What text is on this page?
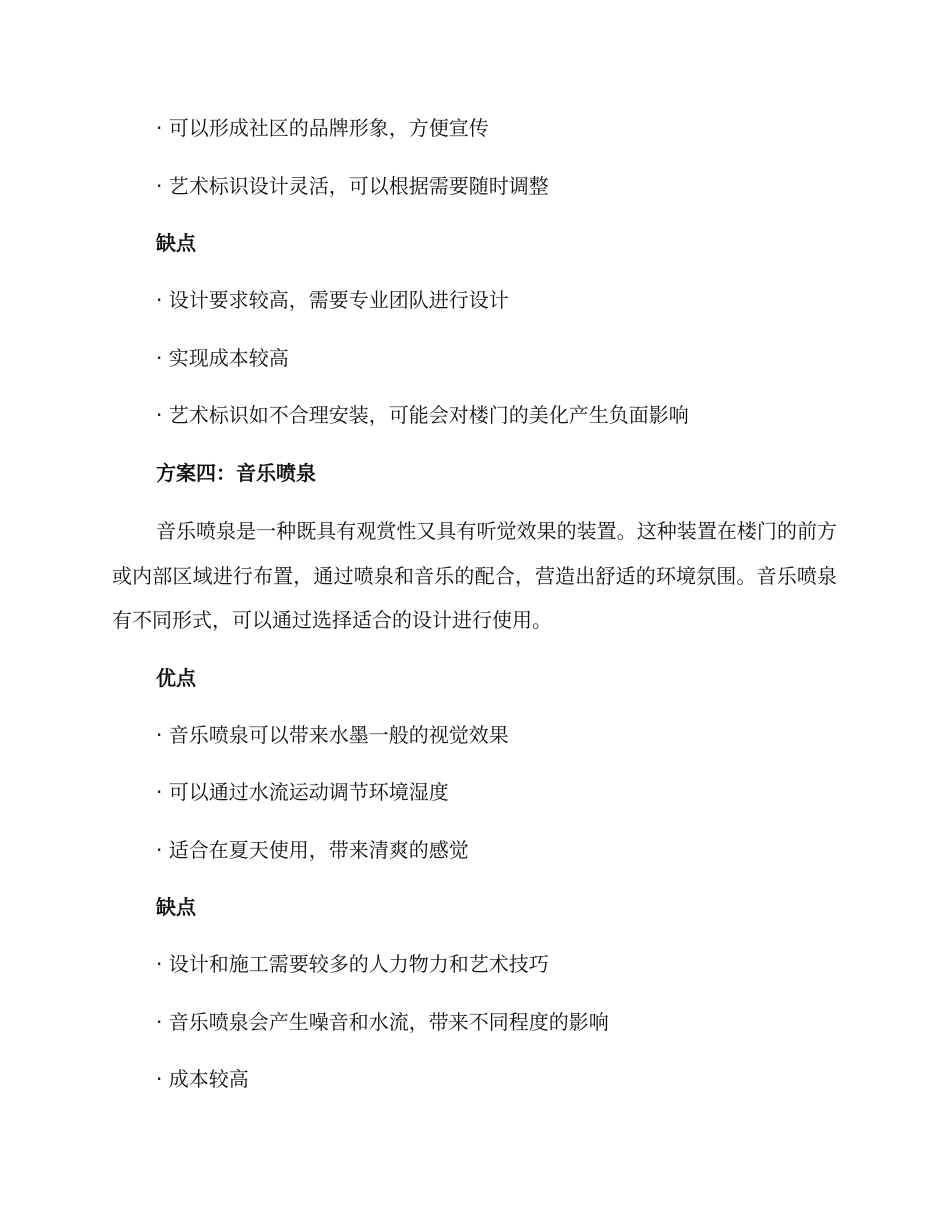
· 可以形成社区的品牌形象，方便宣传
· 艺术标识设计灵活，可以根据需要随时调整
缺点
· 设计要求较高，需要专业团队进行设计
· 实现成本较高
· 艺术标识如不合理安装，可能会对楼门的美化产生负面影响
方案四：音乐喷泉
音乐喷泉是一种既具有观赏性又具有听觉效果的装置。这种装置在楼门的前方或内部区域进行布置，通过喷泉和音乐的配合，营造出舒适的环境氛围。音乐喷泉有不同形式，可以通过选择适合的设计进行使用。
优点
· 音乐喷泉可以带来水墨一般的视觉效果
· 可以通过水流运动调节环境湿度
· 适合在夏天使用，带来清爽的感觉
缺点
· 设计和施工需要较多的人力物力和艺术技巧
· 音乐喷泉会产生噪音和水流，带来不同程度的影响
· 成本较高
